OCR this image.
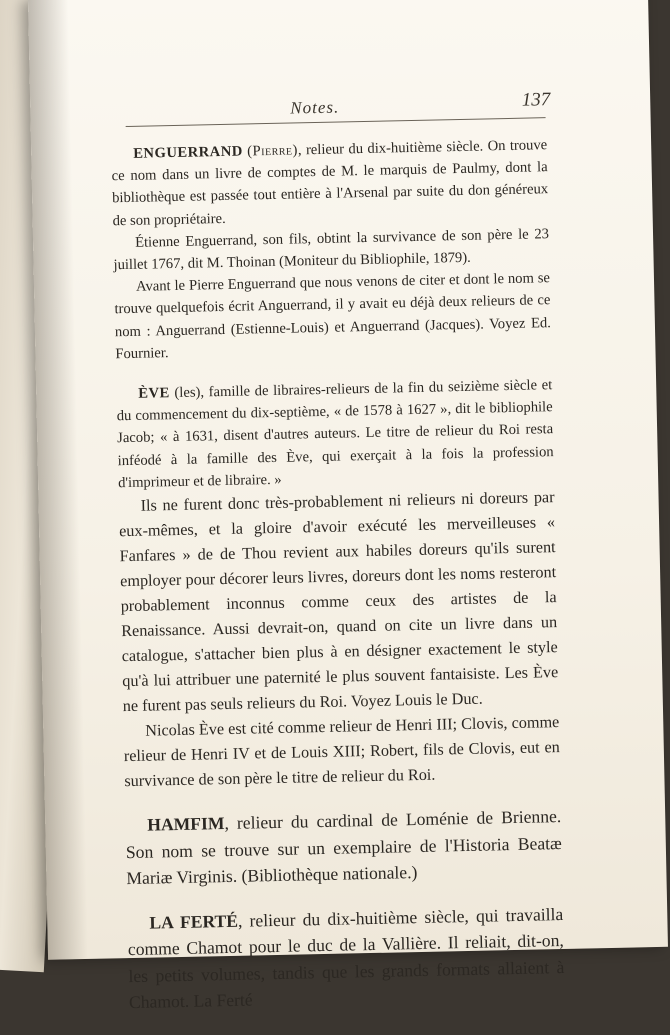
Notes.	137

ENGUERRAND (Pierre), relieur du dix-huitième siècle. On trouve ce nom dans un livre de comptes de M. le marquis de Paulmy, dont la bibliothèque est passée tout entière à l'Arsenal par suite du don généreux de son propriétaire.

Étienne Enguerrand, son fils, obtint la survivance de son père le 23 juillet 1767, dit M. Thoinan (Moniteur du Bibliophile, 1879).

Avant le Pierre Enguerrand que nous venons de citer et dont le nom se trouve quelquefois écrit Anguerrand, il y avait eu déjà deux relieurs de ce nom : Anguerrand (Estienne-Louis) et Anguerrand (Jacques). Voyez Ed. Fournier.

ÈVE (les), famille de libraires-relieurs de la fin du seizième siècle et du commencement du dix-septième, « de 1578 à 1627 », dit le bibliophile Jacob; « à 1631, disent d'autres auteurs. Le titre de relieur du Roi resta inféodé à la famille des Ève, qui exerçait à la fois la profession d'imprimeur et de libraire. »

Ils ne furent donc très-probablement ni relieurs ni doreurs par eux-mêmes, et la gloire d'avoir exécuté les merveilleuses « Fanfares » de de Thou revient aux habiles doreurs qu'ils surent employer pour décorer leurs livres, doreurs dont les noms resteront probablement inconnus comme ceux des artistes de la Renaissance. Aussi devrait-on, quand on cite un livre dans un catalogue, s'attacher bien plus à en désigner exactement le style qu'à lui attribuer une paternité le plus souvent fantaisiste. Les Ève ne furent pas seuls relieurs du Roi. Voyez Louis le Duc.

Nicolas Ève est cité comme relieur de Henri III; Clovis, comme relieur de Henri IV et de Louis XIII; Robert, fils de Clovis, eut en survivance de son père le titre de relieur du Roi.

HAMFIM, relieur du cardinal de Loménie de Brienne. Son nom se trouve sur un exemplaire de l'Historia Beatæ Mariæ Virginis. (Bibliothèque nationale.)

LA FERTÉ, relieur du dix-huitième siècle, qui travailla comme Chamot pour le duc de la Vallière. Il reliait, dit-on, les petits volumes, tandis que les grands formats allaient à Chamot. La Ferté
